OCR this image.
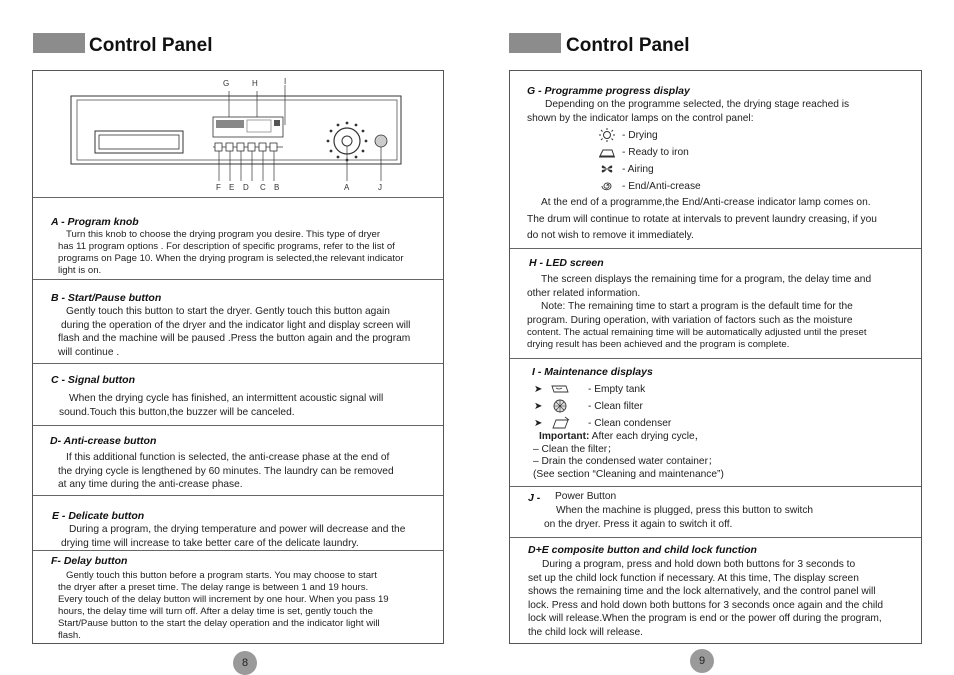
Control Panel
G	H	I
F E D C B	A	J
A - Program knob
Turn this knob to choose the drying program you desire. This type of dryer
has 11 program options . For description of specific programs, refer to the list of
programs on Page 10. When the drying program is selected,the relevant indicator
light is on.
B - Start/Pause button
Gently touch this button to start the dryer. Gently touch this button again
during the operation of the dryer and the indicator light and display screen will
flash and the machine will be paused .Press the button again and the program
will continue .
C - Signal button
When the drying cycle has finished, an intermittent acoustic signal will
sound.Touch this button,the buzzer will be canceled.
D- Anti-crease button
If this additional function is selected, the anti-crease phase at the end of
the drying cycle is lengthened by 60 minutes. The laundry can be removed
at any time during the anti-crease phase.
E - Delicate button
During a program, the drying temperature and power will decrease and the
drying time will increase to take better care of the delicate laundry.
F- Delay button
Gently touch this button before a program starts. You may choose to start
the dryer after a preset time. The delay range is between 1 and 19 hours.
Every touch of the delay button will increment by one hour. When you pass 19
hours, the delay time will turn off. After a delay time is set, gently touch the
Start/Pause button to the start the delay operation and the indicator light will
flash.
8
Control Panel
G - Programme progress display
Depending on the programme selected, the drying stage reached is
shown by the indicator lamps on the control panel:
- Drying
- Ready to iron
- Airing
- End/Anti-crease
At the end of a programme,the End/Anti-crease indicator lamp comes on.
The drum will continue to rotate at intervals to prevent laundry creasing, if you
do not wish to remove it immediately.
H - LED screen
The screen displays the remaining time for a program, the delay time and
other related information.
Note: The remaining time to start a program is the default time for the
program. During operation, with variation of factors such as the moisture
content. The actual remaining time will be automatically adjusted until the preset
drying result has been achieved and the program is complete.
I - Maintenance displays
➤	- Empty tank
➤	- Clean filter
➤	- Clean condenser
Important: After each drying cycle，
– Clean the filter；
– Drain the condensed water container；
(See section “Cleaning and maintenance”)
J - Power Button
When the machine is plugged, press this button to switch
on the dryer. Press it again to switch it off.
D+E composite button and child lock function
During a program, press and hold down both buttons for 3 seconds to
set up the child lock function if necessary. At this time, The display screen
shows the remaining time and the lock alternatively, and the control panel will
lock. Press and hold down both buttons for 3 seconds once again and the child
lock will release.When the program is end or the power off during the program,
the child lock will release.
9
